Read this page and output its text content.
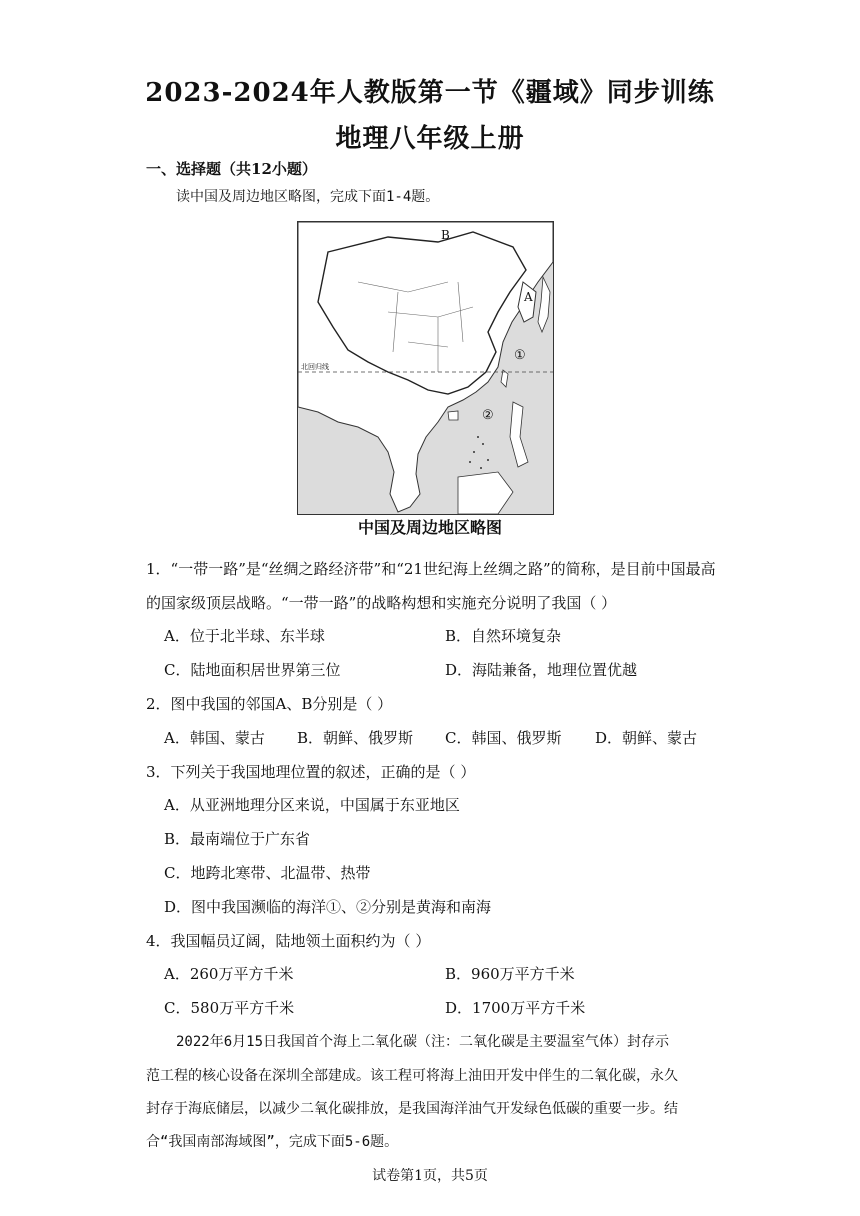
2023-2024年人教版第一节《疆域》同步训练
地理八年级上册
一、选择题（共12小题）
读中国及周边地区略图，完成下面1-4题。
B
A
①
②
北回归线
中国及周边地区略图
1．“一带一路”是“丝绸之路经济带”和“21世纪海上丝绸之路”的简称，是目前中国最高
的国家级顶层战略。“一带一路”的战略构想和实施充分说明了我国（ ）
A．位于北半球、东半球	B．自然环境复杂
C．陆地面积居世界第三位	D．海陆兼备，地理位置优越
2．图中我国的邻国A、B分别是（ ）
A．韩国、蒙古 B．朝鲜、俄罗斯 C．韩国、俄罗斯 D．朝鲜、蒙古
3．下列关于我国地理位置的叙述，正确的是（ ）
A．从亚洲地理分区来说，中国属于东亚地区
B．最南端位于广东省
C．地跨北寒带、北温带、热带
D．图中我国濒临的海洋①、②分别是黄海和南海
4．我国幅员辽阔，陆地领土面积约为（ ）
A．260万平方千米	B．960万平方千米
C．580万平方千米	D．1700万平方千米
2022年6月15日我国首个海上二氧化碳（注：二氧化碳是主要温室气体）封存示
范工程的核心设备在深圳全部建成。该工程可将海上油田开发中伴生的二氧化碳，永久
封存于海底储层，以减少二氧化碳排放，是我国海洋油气开发绿色低碳的重要一步。结
合“我国南部海域图”，完成下面5-6题。
试卷第1页，共5页
